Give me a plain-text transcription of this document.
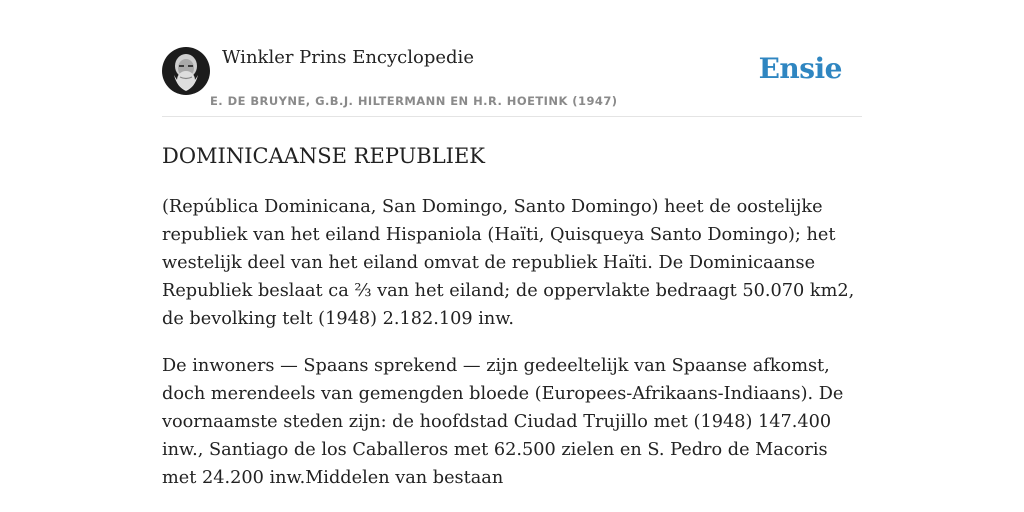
Winkler Prins Encyclopedie
E. DE BRUYNE, G.B.J. HILTERMANN EN H.R. HOETINK (1947)
Ensie
DOMINICAANSE REPUBLIEK

(República Dominicana, San Domingo, Santo Domingo) heet de oostelijke republiek van het eiland Hispaniola (Haïti, Quisqueya Santo Domingo); het westelijk deel van het eiland omvat de republiek Haïti. De Dominicaanse Republiek beslaat ca ⅔ van het eiland; de oppervlakte bedraagt 50.070 km2, de bevolking telt (1948) 2.182.109 inw.

De inwoners — Spaans sprekend — zijn gedeeltelijk van Spaanse afkomst, doch merendeels van gemengden bloede (Europees-Afrikaans-Indiaans). De voornaamste steden zijn: de hoofdstad Ciudad Trujillo met (1948) 147.400 inw., Santiago de los Caballeros met 62.500 zielen en S. Pedro de Macoris met 24.200 inw.Middelen van bestaan
